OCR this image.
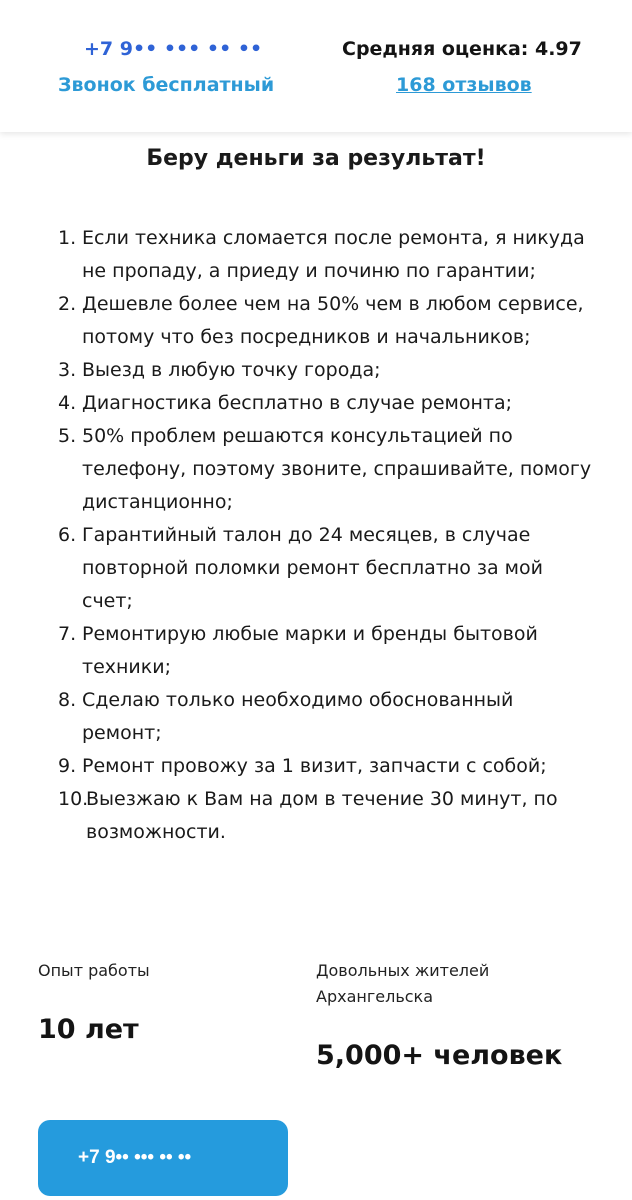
+7 9•• ••• •• ••
Звонок бесплатный
Средняя оценка: 4.97
168 отзывов
Беру деньги за результат!
1. Если техника сломается после ремонта, я никуда не пропаду, а приеду и починю по гарантии;
2. Дешевле более чем на 50% чем в любом сервисе, потому что без посредников и начальников;
3. Выезд в любую точку города;
4. Диагностика бесплатно в случае ремонта;
5. 50% проблем решаются консультацией по телефону, поэтому звоните, спрашивайте, помогу дистанционно;
6. Гарантийный талон до 24 месяцев, в случае повторной поломки ремонт бесплатно за мой счет;
7. Ремонтирую любые марки и бренды бытовой техники;
8. Сделаю только необходимо обоснованный ремонт;
9. Ремонт провожу за 1 визит, запчасти с собой;
10.
Выезжаю к Вам на дом в течение 30 минут, по возможности.
Опыт работы
10 лет
Довольных жителей Архангельска
5,000+ человек
+7 9•• ••• •• ••
